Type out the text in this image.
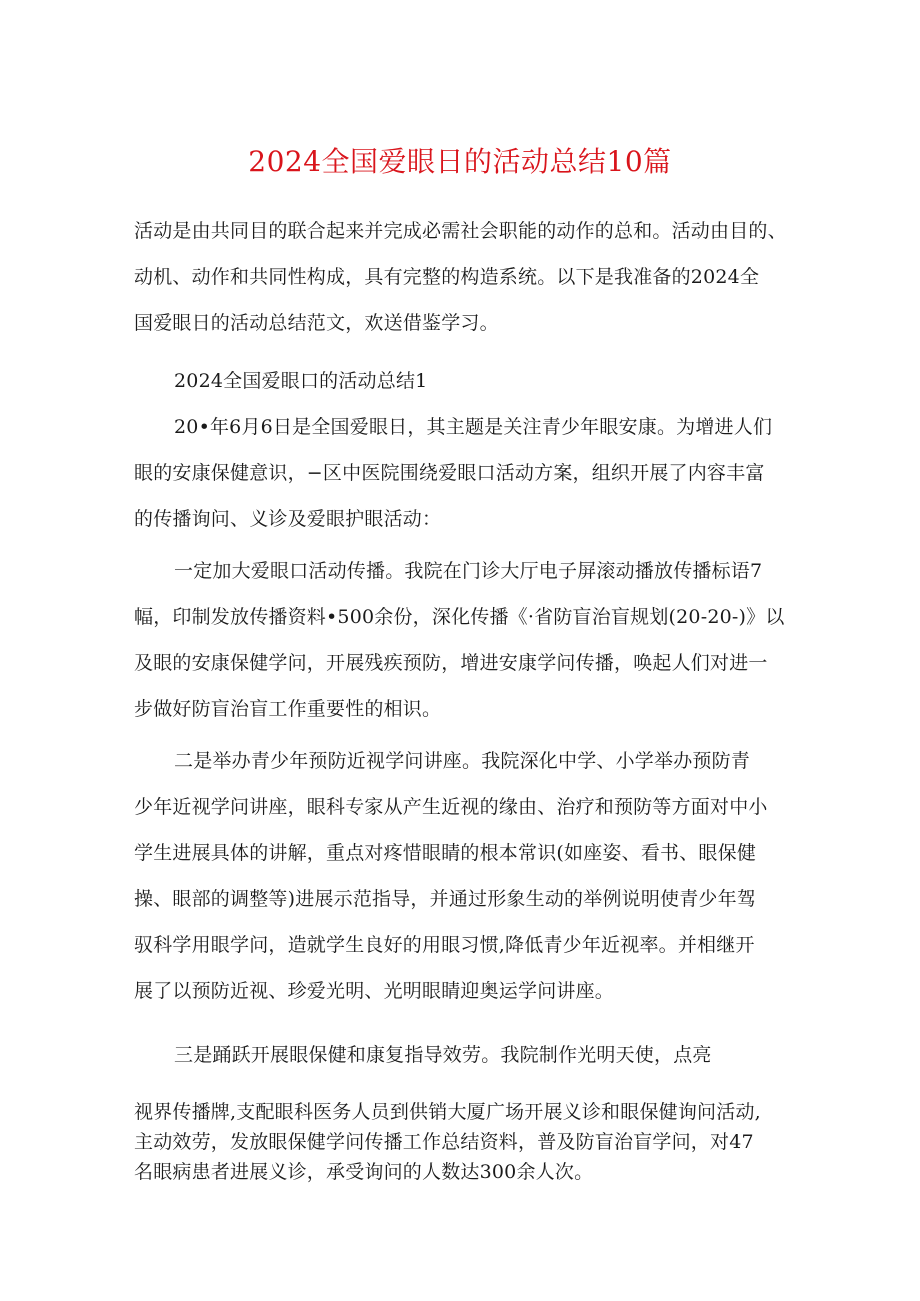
2024全国爱眼日的活动总结10篇
活动是由共同目的联合起来并完成必需社会职能的动作的总和。活动由目的、
动机、动作和共同性构成，具有完整的构造系统。以下是我准备的2024全
国爱眼日的活动总结范文，欢送借鉴学习。
2024全国爱眼口的活动总结1
20•年6月6日是全国爱眼日，其主题是关注青少年眼安康。为增进人们
眼的安康保健意识，−区中医院围绕爱眼口活动方案，组织开展了内容丰富
的传播询问、义诊及爱眼护眼活动：
一定加大爱眼口活动传播。我院在门诊大厅电子屏滚动播放传播标语7
幅，印制发放传播资料•500余份，深化传播《·省防盲治盲规划(20-20-)》以
及眼的安康保健学问，开展残疾预防，增进安康学问传播，唤起人们对进一
步做好防盲治盲工作重要性的相识。
二是举办青少年预防近视学问讲座。我院深化中学、小学举办预防青
少年近视学问讲座，眼科专家从产生近视的缘由、治疗和预防等方面对中小
学生进展具体的讲解，重点对疼惜眼睛的根本常识(如座姿、看书、眼保健
操、眼部的调整等)进展示范指导，并通过形象生动的举例说明使青少年驾
驭科学用眼学问，造就学生良好的用眼习惯,降低青少年近视率。并相继开
展了以预防近视、珍爱光明、光明眼睛迎奥运学问讲座。
三是踊跃开展眼保健和康复指导效劳。我院制作光明天使，点亮
视界传播牌,支配眼科医务人员到供销大厦广场开展义诊和眼保健询问活动,
主动效劳，发放眼保健学问传播工作总结资料，普及防盲治盲学问，对47
名眼病患者进展义诊，承受询问的人数达300余人次。
